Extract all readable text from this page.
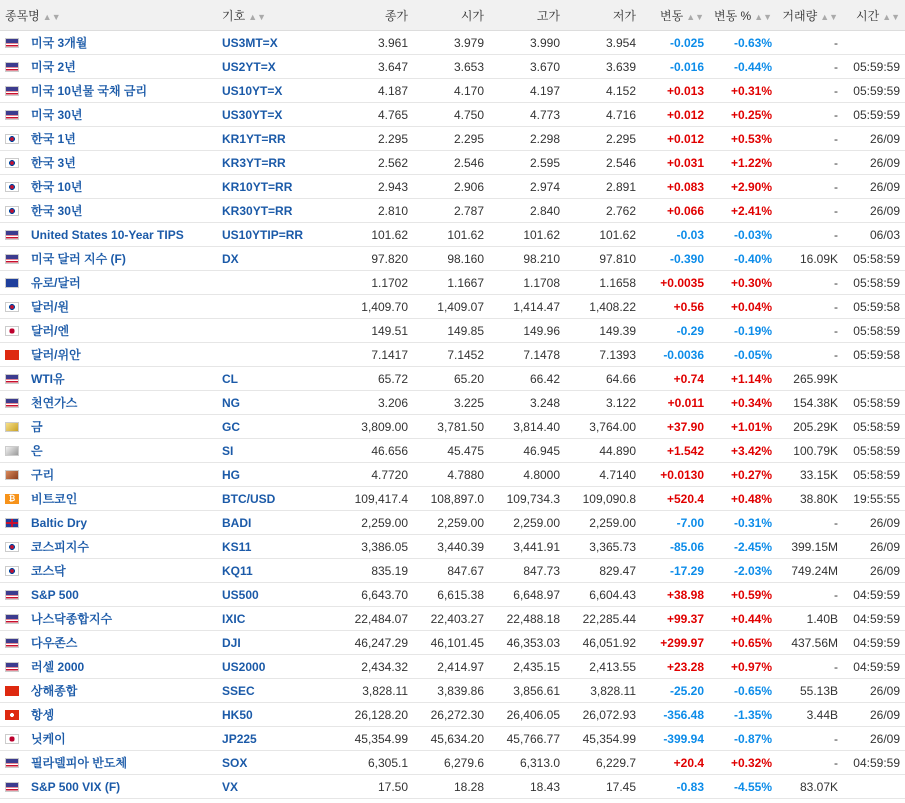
종목명 ▲▼		기호 ▲▼	종가	시가	고가	저가	변동 ▲▼	변동 % ▲▼	거래량 ▲▼	시간 ▲▼
	미국 3개월	US3MT=X	3.961	3.979	3.990	3.954	-0.025	-0.63%	-	
	미국 2년	US2YT=X	3.647	3.653	3.670	3.639	-0.016	-0.44%	-	05:59:59
	미국 10년물 국채 금리	US10YT=X	4.187	4.170	4.197	4.152	+0.013	+0.31%	-	05:59:59
	미국 30년	US30YT=X	4.765	4.750	4.773	4.716	+0.012	+0.25%	-	05:59:59
	한국 1년	KR1YT=RR	2.295	2.295	2.298	2.295	+0.012	+0.53%	-	26/09
	한국 3년	KR3YT=RR	2.562	2.546	2.595	2.546	+0.031	+1.22%	-	26/09
	한국 10년	KR10YT=RR	2.943	2.906	2.974	2.891	+0.083	+2.90%	-	26/09
	한국 30년	KR30YT=RR	2.810	2.787	2.840	2.762	+0.066	+2.41%	-	26/09
	United States 10-Year TIPS	US10YTIP=RR	101.62	101.62	101.62	101.62	-0.03	-0.03%	-	06/03
	미국 달러 지수 (F)	DX	97.820	98.160	98.210	97.810	-0.390	-0.40%	16.09K	05:58:59
	유로/달러		1.1702	1.1667	1.1708	1.1658	+0.0035	+0.30%	-	05:58:59
	달러/원		1,409.70	1,409.07	1,414.47	1,408.22	+0.56	+0.04%	-	05:59:58
	달러/엔		149.51	149.85	149.96	149.39	-0.29	-0.19%	-	05:58:59
	달러/위안		7.1417	7.1452	7.1478	7.1393	-0.0036	-0.05%	-	05:59:58
	WTI유	CL	65.72	65.20	66.42	64.66	+0.74	+1.14%	265.99K	
	천연가스	NG	3.206	3.225	3.248	3.122	+0.011	+0.34%	154.38K	05:58:59
	금	GC	3,809.00	3,781.50	3,814.40	3,764.00	+37.90	+1.01%	205.29K	05:58:59
	은	SI	46.656	45.475	46.945	44.890	+1.542	+3.42%	100.79K	05:58:59
	구리	HG	4.7720	4.7880	4.8000	4.7140	+0.0130	+0.27%	33.15K	05:58:59
₿	비트코인	BTC/USD	109,417.4	108,897.0	109,734.3	109,090.8	+520.4	+0.48%	38.80K	19:55:55
	Baltic Dry	BADI	2,259.00	2,259.00	2,259.00	2,259.00	-7.00	-0.31%	-	26/09
	코스피지수	KS11	3,386.05	3,440.39	3,441.91	3,365.73	-85.06	-2.45%	399.15M	26/09
	코스닥	KQ11	835.19	847.67	847.73	829.47	-17.29	-2.03%	749.24M	26/09
	S&P 500	US500	6,643.70	6,615.38	6,648.97	6,604.43	+38.98	+0.59%	-	04:59:59
	나스닥종합지수	IXIC	22,484.07	22,403.27	22,488.18	22,285.44	+99.37	+0.44%	1.40B	04:59:59
	다우존스	DJI	46,247.29	46,101.45	46,353.03	46,051.92	+299.97	+0.65%	437.56M	04:59:59
	러셀 2000	US2000	2,434.32	2,414.97	2,435.15	2,413.55	+23.28	+0.97%	-	04:59:59
	상해종합	SSEC	3,828.11	3,839.86	3,856.61	3,828.11	-25.20	-0.65%	55.13B	26/09
	항셍	HK50	26,128.20	26,272.30	26,406.05	26,072.93	-356.48	-1.35%	3.44B	26/09
	닛케이	JP225	45,354.99	45,634.20	45,766.77	45,354.99	-399.94	-0.87%	-	26/09
	필라델피아 반도체	SOX	6,305.1	6,279.6	6,313.0	6,229.7	+20.4	+0.32%	-	04:59:59
	S&P 500 VIX (F)	VX	17.50	18.28	18.43	17.45	-0.83	-4.55%	83.07K	
